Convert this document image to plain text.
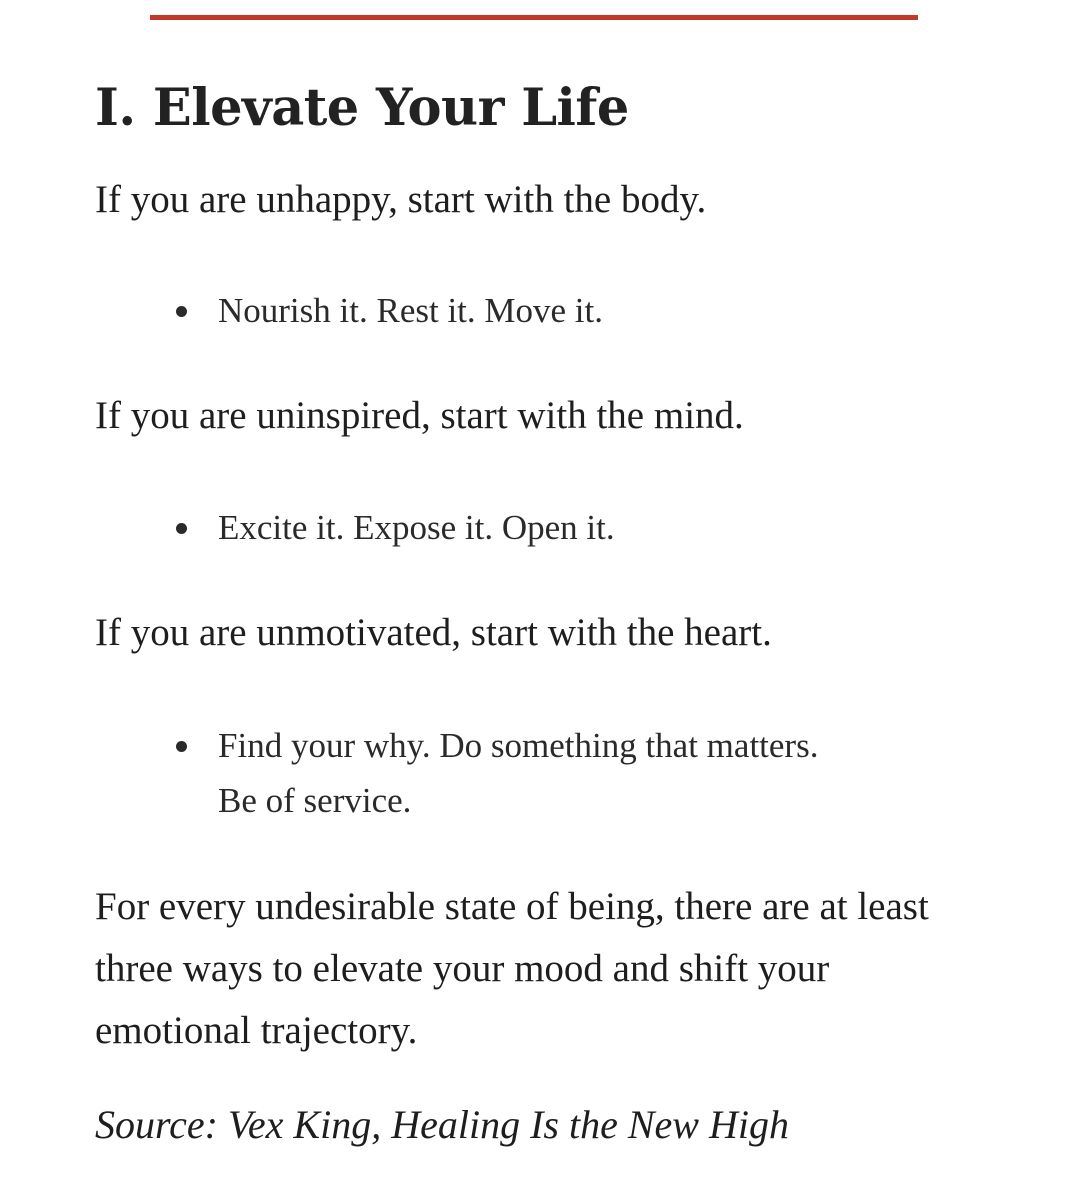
I. Elevate Your Life

If you are unhappy, start with the body.

Nourish it. Rest it. Move it.

If you are uninspired, start with the mind.

Excite it. Expose it. Open it.

If you are unmotivated, start with the heart.

Find your why. Do something that matters.

Be of service.

For every undesirable state of being, there are at least three ways to elevate your mood and shift your emotional trajectory.

Source: Vex King, Healing Is the New High
